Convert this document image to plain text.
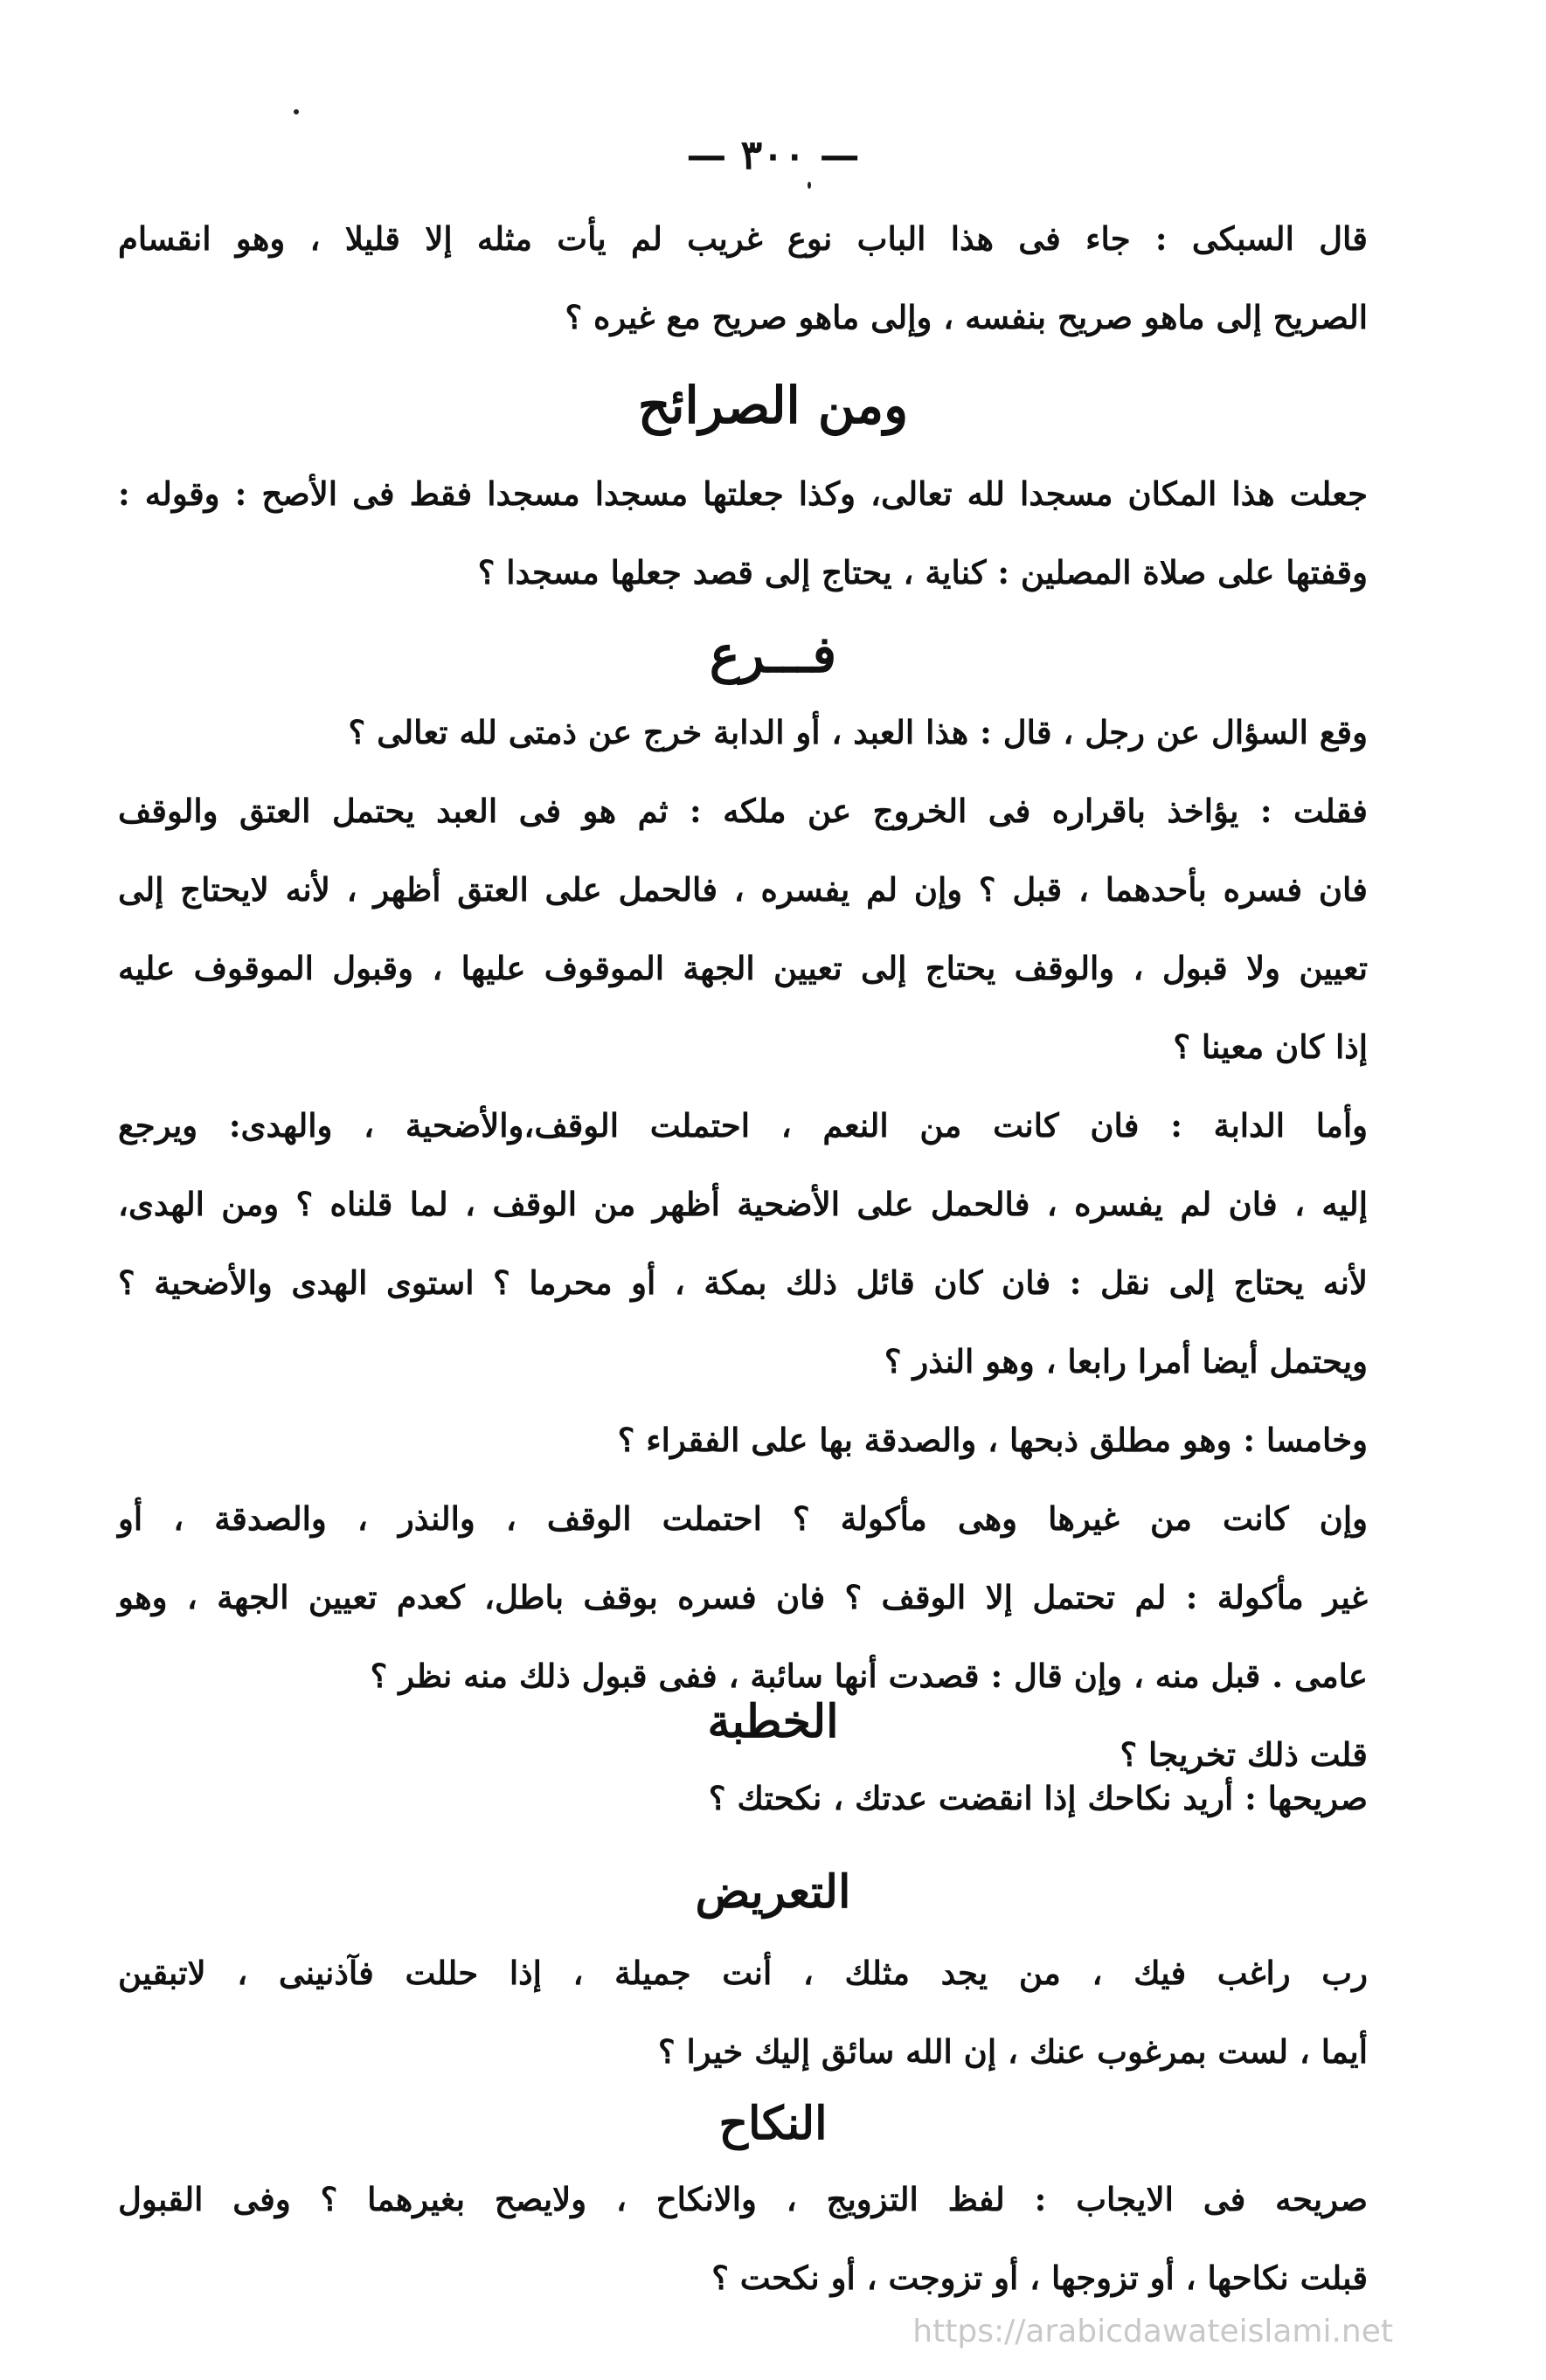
— ٣٠٠ —

قال السبكى : جاء فى هذا الباب نوع غريب لم يأت مثله إلا قليلا ، وهو انقسام

الصريح إلى ماهو صريح بنفسه ، وإلى ماهو صريح مع غيره ؟

ومن الصرائح

جعلت هذا المكان مسجدا لله تعالى، وكذا جعلتها مسجدا مسجدا فقط فى الأصح : وقوله :

وقفتها على صلاة المصلين : كناية ، يحتاج إلى قصد جعلها مسجدا ؟

فـــرع

وقع السؤال عن رجل ، قال : هذا العبد ، أو الدابة خرج عن ذمتى لله تعالى ؟

فقلت : يؤاخذ باقراره فى الخروج عن ملكه : ثم هو فى العبد يحتمل العتق والوقف

فان فسره بأحدهما ، قبل ؟ وإن لم يفسره ، فالحمل على العتق أظهر ، لأنه لايحتاج إلى

تعيين ولا قبول ، والوقف يحتاج إلى تعيين الجهة الموقوف عليها ، وقبول الموقوف عليه

إذا كان معينا ؟

وأما الدابة : فان كانت من النعم ، احتملت الوقف،والأضحية ، والهدى: ويرجع

إليه ، فان لم يفسره ، فالحمل على الأضحية أظهر من الوقف ، لما قلناه ؟ ومن الهدى،

لأنه يحتاج إلى نقل : فان كان قائل ذلك بمكة ، أو محرما ؟ استوى الهدى والأضحية ؟

ويحتمل أيضا أمرا رابعا ، وهو النذر ؟

وخامسا : وهو مطلق ذبحها ، والصدقة بها على الفقراء ؟

وإن كانت من غيرها وهى مأكولة ؟ احتملت الوقف ، والنذر ، والصدقة ، أو

غير مأكولة : لم تحتمل إلا الوقف ؟ فان فسره بوقف باطل، كعدم تعيين الجهة ، وهو

عامى . قبل منه ، وإن قال : قصدت أنها سائبة ، ففى قبول ذلك منه نظر ؟

قلت ذلك تخريجا ؟

الخطبة

صريحها : أريد نكاحك إذا انقضت عدتك ، نكحتك ؟

التعريض

رب راغب فيك ، من يجد مثلك ، أنت جميلة ، إذا حللت فآذنينى ، لاتبقين

أيما ، لست بمرغوب عنك ، إن الله سائق إليك خيرا ؟

النكاح

صريحه فى الايجاب : لفظ التزويج ، والانكاح ، ولايصح بغيرهما ؟ وفى القبول

قبلت نكاحها ، أو تزوجها ، أو تزوجت ، أو نكحت ؟

https://arabicdawateislami.net
